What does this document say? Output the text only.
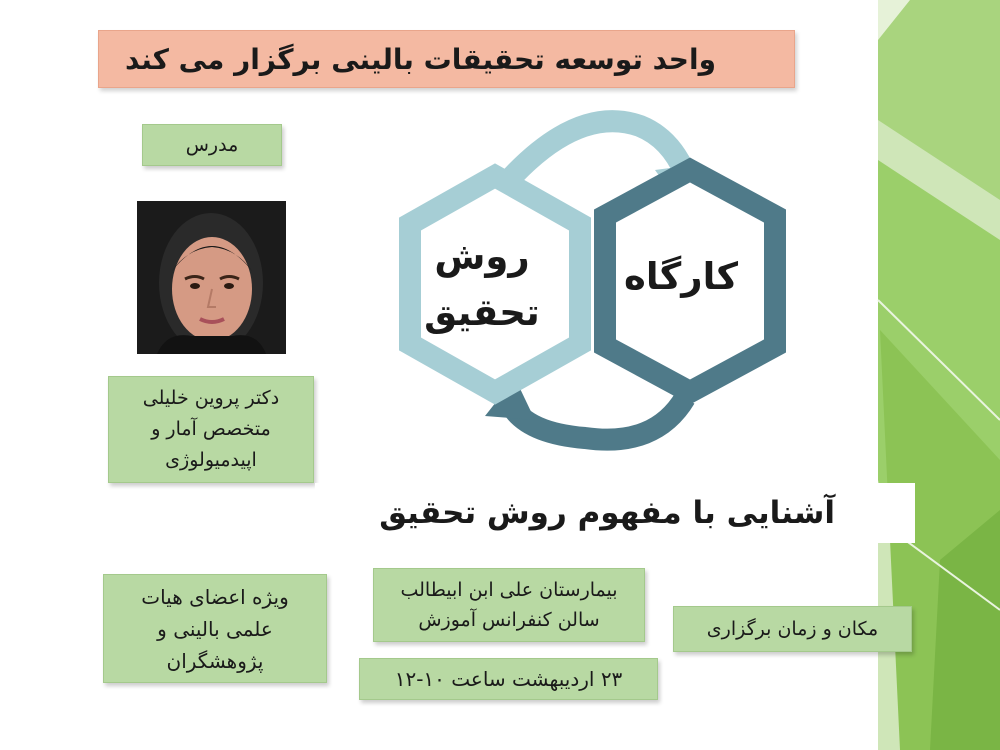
واحد توسعه تحقیقات بالینی برگزار می کند
مدرس
دکتر پروین خلیلی
متخصص آمار و
اپیدمیولوژی
روش
تحقیق
کارگاه
آشنایی با مفهوم روش تحقیق
ویژه اعضای هیات
علمی بالینی و
پژوهشگران
بیمارستان علی ابن ابیطالب
سالن کنفرانس آموزش
۲۳ اردیبهشت ساعت ۱۰-۱۲
مکان و زمان برگزاری
